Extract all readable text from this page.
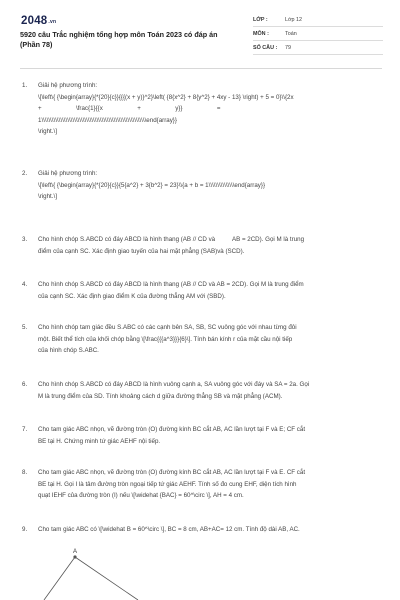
$2048^{.vn}$
5920 câu Trắc nghiệm tổng hợp môn Toán 2023 có đáp án (Phần 78)
LỚP :	Lớp 12
MÔN :	Toán
SỐ CÂU : 79
1. Giải hệ phương trình:
\[\left\{ {\begin{array}{*{20}{c}}{{{(x + y)}^2}\left( {8{x^2} + 8{y^2} + 4xy - 13} \right) + 5 = 0}\\{2x
+                    \frac{1}{{x                    +                    y}}                    =
1\\\\\\\\\\\\\\\\\\\\\\\\\\\\\\\\\\\\\\\\\\\\\\\\\\\\\\\\\\\\\end{array}}
\right.\]
2. Giải hệ phương trình:
\[\left\{ {\begin{array}{*{20}{c}}{5{a^2} + 3{b^2} = 23}\\{a + b = 1\\\\\\\\\\\\\\\end{array}}
\right.\]
3. Cho hình chóp S.ABCD có đáy ABCD là hình thang (AB // CD và          AB = 2CD). Gọi M là trung
điểm của cạnh SC. Xác định giao tuyến của hai mặt phẳng (SAB)và (SCD).
4. Cho hình chóp S.ABCD có đáy ABCD là hình thang (AB // CD và AB = 2CD). Gọi M là trung điểm
của cạnh SC. Xác định giao điểm K của đường thẳng AM với (SBD).
5. Cho hình chóp tam giác đều S.ABC có các cạnh bên SA, SB, SC vuông góc với nhau từng đôi
một. Biết thể tích của khối chóp bằng \[\frac{{{a^3}}}{6}\]. Tính bán kính r của mặt cầu nội tiếp
của hình chóp S.ABC.
6. Cho hình chóp S.ABCD có đáy ABCD là hình vuông cạnh a, SA vuông góc với đáy và SA = 2a. Gọi
M là trung điểm của SD. Tính khoảng cách d giữa đường thẳng SB và mặt phẳng (ACM).
7. Cho tam giác ABC nhọn, vẽ đường tròn (O) đường kính BC cắt AB, AC lần lượt tại F và E; CF cắt
BE tại H. Chứng minh tứ giác AEHF nội tiếp.
8. Cho tam giác ABC nhọn, vẽ đường tròn (O) đường kính BC cắt AB, AC lần lượt tại F và E. CF cắt
BE tại H. Gọi I là tâm đường tròn ngoại tiếp tứ giác AEHF. Tính số đo cung EHF, diện tích hình
quạt IEHF của đường tròn (I) nếu \[\widehat {BAC} = 60^\circ \], AH = 4 cm.
9. Cho tam giác ABC có \[\widehat B = 60^\circ \], BC = 8 cm, AB+AC= 12 cm. Tính độ dài AB, AC.
A
